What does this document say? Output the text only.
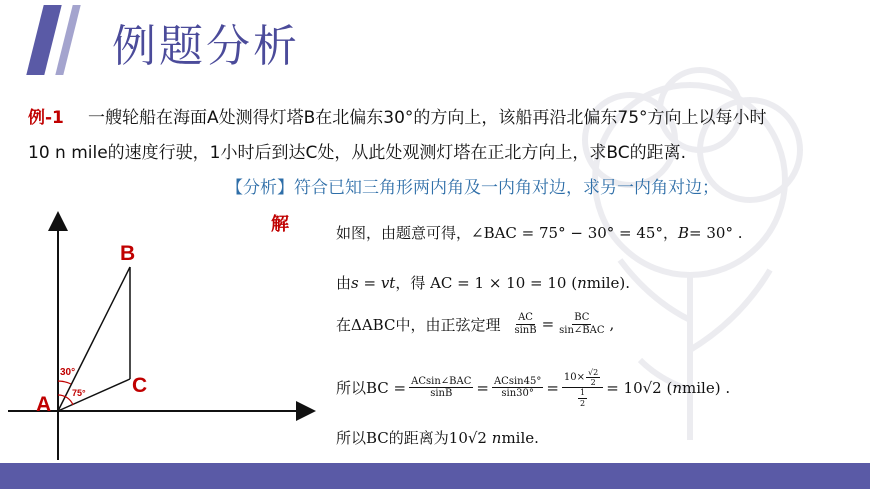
例题分析
例-1 一艘轮船在海面A处测得灯塔B在北偏东30°的方向上，该船再沿北偏东75°方向上以每小时
10 n mile的速度行驶，1小时后到达C处，从此处观测灯塔在正北方向上，求BC的距离.
【分析】符合已知三角形两内角及一内角对边，求另一内角对边；
解	如图，由题意可得，∠BAC = 75° − 30° = 45°， B = 30° .
由 s = vt ，得 AC = 1 × 10 = 10 ( n mile).
在ΔABC中，由正弦定理 $\frac{AC}{\sin B} = \frac{BC}{\text{sin∠BAC}}$ ,
所以BC = $\frac{\text{ACsin∠BAC}}{\sin B} = \frac{ACsin45^\circ}{\sin 30^\circ} = \frac{10\times \frac{√2}{2}}{\frac{1}{2}} = 10√2$ ( n mile) .
所以BC的距离为 10√2
n mile.
30°
75°
A
B
C
